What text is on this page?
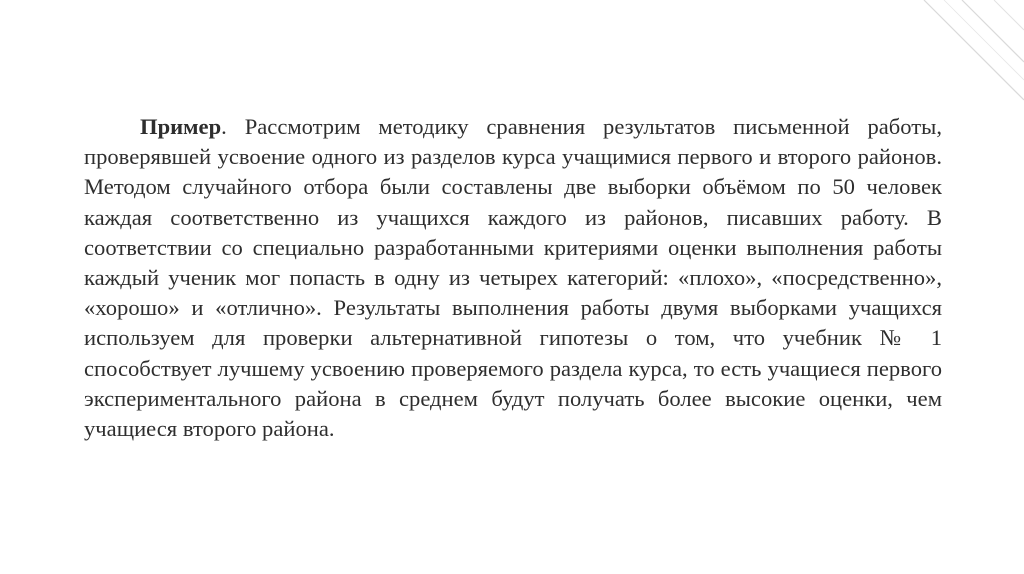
Пример. Рассмотрим методику сравнения результатов письменной работы, проверявшей усвоение одного из разделов курса учащимися первого и второго районов. Методом случайного отбора были составлены две выборки объёмом по 50 человек каждая соответственно из учащихся каждого из районов, писавших работу. В соответствии со специально разработанными критериями оценки выполнения работы каждый ученик мог попасть в одну из четырех категорий: «плохо», «посредственно», «хорошо» и «отлично». Результаты выполнения работы двумя выборками учащихся используем для проверки альтернативной гипотезы о том, что учебник № 1 способствует лучшему усвоению проверяемого раздела курса, то есть учащиеся первого экспериментального района в среднем будут получать более высокие оценки, чем учащиеся второго района.
